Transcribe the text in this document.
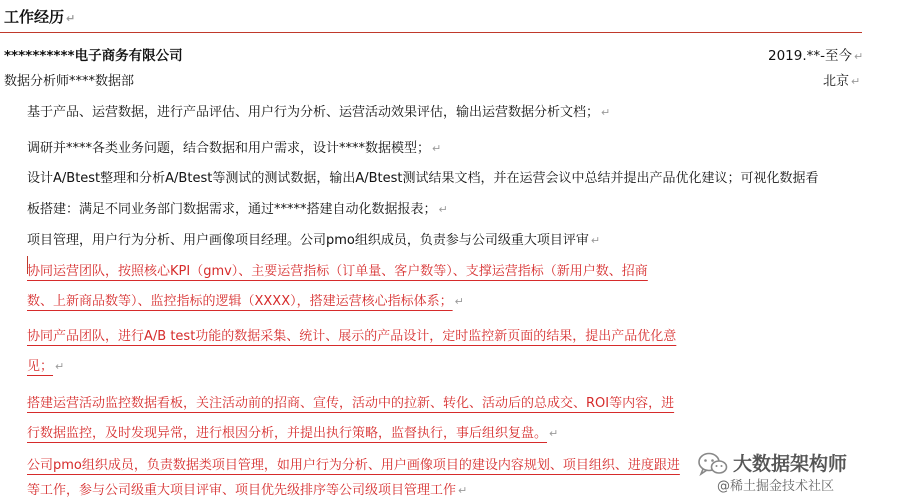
工作经历 ↵
**********电子商务有限公司	2019.**-至今 ↵
数据分析师****数据部	北京 ↵
基于产品、运营数据，进行产品评估、用户行为分析、运营活动效果评估，输出运营数据分析文档； ↵
调研并****各类业务问题，结合数据和用户需求，设计****数据模型； ↵
设计A/Btest整理和分析A/Btest等测试的测试数据，输出A/Btest测试结果文档，并在运营会议中总结并提出产品优化建议；可视化数据看
板搭建：满足不同业务部门数据需求，通过*****搭建自动化数据报表； ↵
项目管理，用户行为分析、用户画像项目经理。公司pmo组织成员，负责参与公司级重大项目评审 ↵
协同运营团队，按照核心KPI（gmv）、主要运营指标（订单量、客户数等）、支撑运营指标（新用户数、招商
数、上新商品数等）、监控指标的逻辑（XXXX），搭建运营核心指标体系； ↵
协同产品团队，进行A/B test功能的数据采集、统计、展示的产品设计，定时监控新页面的结果，提出产品优化意
见； ↵
搭建运营活动监控数据看板，关注活动前的招商、宣传，活动中的拉新、转化、活动后的总成交、ROI等内容，进
行数据监控，及时发现异常，进行根因分析，并提出执行策略，监督执行，事后组织复盘。 ↵
公司pmo组织成员，负责数据类项目管理，如用户行为分析、用户画像项目的建设内容规划、项目组织、进度跟进
等工作，参与公司级重大项目评审、项目优先级排序等公司级项目管理工作 ↵
大数据架构师
@稀土掘金技术社区
